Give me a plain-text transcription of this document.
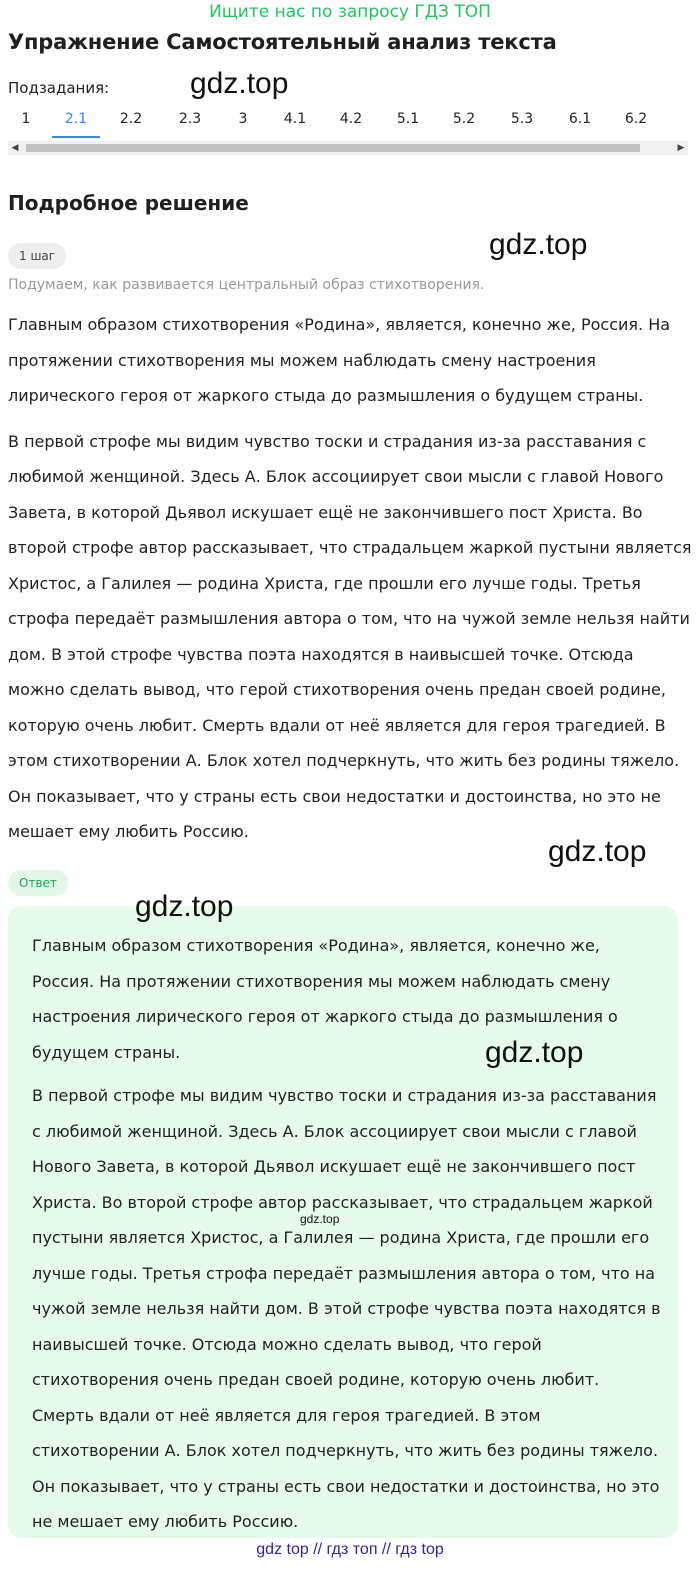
Ищите нас по запросу ГДЗ ТОП
Упражнение Самостоятельный анализ текста
Подзадания:
1	2.1	2.2	2.3	3	4.1	4.2	5.1	5.2	5.3	6.1	6.2
◀	▶
Подробное решение
1 шаг
Подумаем, как развивается центральный образ стихотворения.

Главным образом стихотворения «Родина», является, конечно же, Россия. На протяжении стихотворения мы можем наблюдать смену настроения лирического героя от жаркого стыда до размышления о будущем страны.

В первой строфе мы видим чувство тоски и страдания из-за расставания с любимой женщиной. Здесь А. Блок ассоциирует свои мысли с главой Нового Завета, в которой Дьявол искушает ещё не закончившего пост Христа. Во второй строфе автор рассказывает, что страдальцем жаркой пустыни является Христос, а Галилея — родина Христа, где прошли его лучше годы. Третья строфа передаёт размышления автора о том, что на чужой земле нельзя найти дом. В этой строфе чувства поэта находятся в наивысшей точке. Отсюда можно сделать вывод, что герой стихотворения очень предан своей родине, которую очень любит. Смерть вдали от неё является для героя трагедией. В этом стихотворении А. Блок хотел подчеркнуть, что жить без родины тяжело. Он показывает, что у страны есть свои недостатки и достоинства, но это не мешает ему любить Россию.

Ответ

Главным образом стихотворения «Родина», является, конечно же, Россия. На протяжении стихотворения мы можем наблюдать смену настроения лирического героя от жаркого стыда до размышления о будущем страны.

В первой строфе мы видим чувство тоски и страдания из-за расставания с любимой женщиной. Здесь А. Блок ассоциирует свои мысли с главой Нового Завета, в которой Дьявол искушает ещё не закончившего пост Христа. Во второй строфе автор рассказывает, что страдальцем жаркой пустыни является Христос, а Галилея — родина Христа, где прошли его лучше годы. Третья строфа передаёт размышления автора о том, что на чужой земле нельзя найти дом. В этой строфе чувства поэта находятся в наивысшей точке. Отсюда можно сделать вывод, что герой стихотворения очень предан своей родине, которую очень любит. Смерть вдали от неё является для героя трагедией. В этом стихотворении А. Блок хотел подчеркнуть, что жить без родины тяжело. Он показывает, что у страны есть свои недостатки и достоинства, но это не мешает ему любить Россию.

gdz.top
gdz.top
gdz.top
gdz.top
gdz.top
gdz.top
gdz top // гдз топ // гдз top
